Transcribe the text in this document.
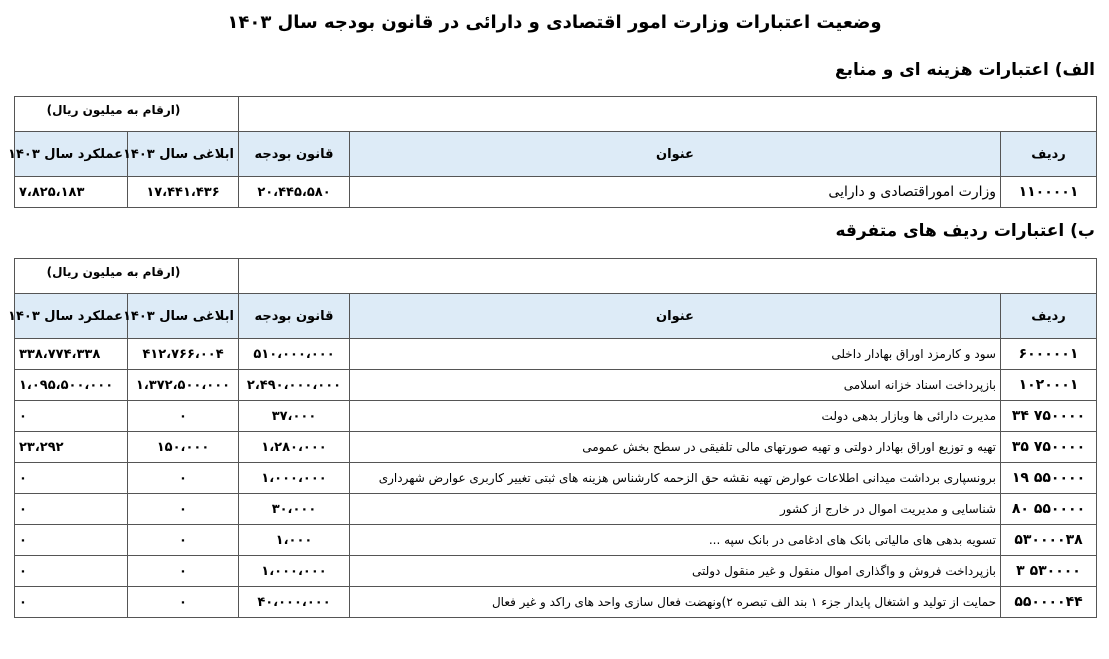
وضعیت اعتبارات وزارت امور اقتصادی و دارائی در قانون بودجه سال ۱۴۰۳
الف) اعتبارات هزینه ای و منابع
			(ارقام به میلیون ریال)	
ردیف	عنوان	قانون بودجه	ابلاغی سال ۱۴۰۳	عملکرد سال ۱۴۰۳
۱۱۰۰۰۰۱	وزارت اموراقتصادی و دارایی	۲۰،۴۴۵،۵۸۰	۱۷،۴۴۱،۴۳۶	۷،۸۲۵،۱۸۳
ب) اعتبارات ردیف های متفرقه
			(ارقام به میلیون ریال)	
ردیف	عنوان	قانون بودجه	ابلاغی سال ۱۴۰۳	عملکرد سال ۱۴۰۳
۶۰۰۰۰۰۱	سود و کارمزد اوراق بهادار داخلی	۵۱۰،۰۰۰،۰۰۰	۴۱۲،۷۶۶،۰۰۴	۳۳۸،۷۷۴،۳۳۸
۱۰۲۰۰۰۱	بازپرداخت اسناد خزانه اسلامی	۲،۴۹۰،۰۰۰،۰۰۰	۱،۳۷۲،۵۰۰،۰۰۰	۱،۰۹۵،۵۰۰،۰۰۰
۷۵۰۰۰۰ ۳۴	مدیرت دارائی ها وبازار بدهی دولت	۳۷،۰۰۰	۰	۰
۷۵۰۰۰۰ ۳۵	تهیه و توزیع اوراق بهادار دولتی و تهیه صورتهای مالی تلفیقی در سطح بخش عمومی	۱،۲۸۰،۰۰۰	۱۵۰،۰۰۰	۲۳،۲۹۲
۵۵۰۰۰۰ ۱۹	برونسپاری برداشت میدانی اطلاعات عوارض تهیه نقشه حق الزحمه کارشناس هزینه های ثبتی تغییر کاربری عوارض شهرداری	۱،۰۰۰،۰۰۰	۰	۰
۵۵۰۰۰۰ ۸۰	شناسایی و مدیریت اموال در خارج از کشور	۳۰،۰۰۰	۰	۰
۵۳۰۰۰۰۳۸	تسویه بدهی های مالیاتی بانک های ادغامی در بانک سپه ...	۱،۰۰۰	۰	۰
۵۳۰۰۰۰ ۳	بازپرداخت فروش و واگذاری اموال منقول و غیر منقول دولتی	۱،۰۰۰،۰۰۰	۰	۰
۵۵۰۰۰۰۴۴	حمایت از تولید و اشتغال پایدار جزء ۱ بند الف تبصره ۲)ونهضت فعال سازی واحد های راکد و غیر فعال	۴۰،۰۰۰،۰۰۰	۰	۰
